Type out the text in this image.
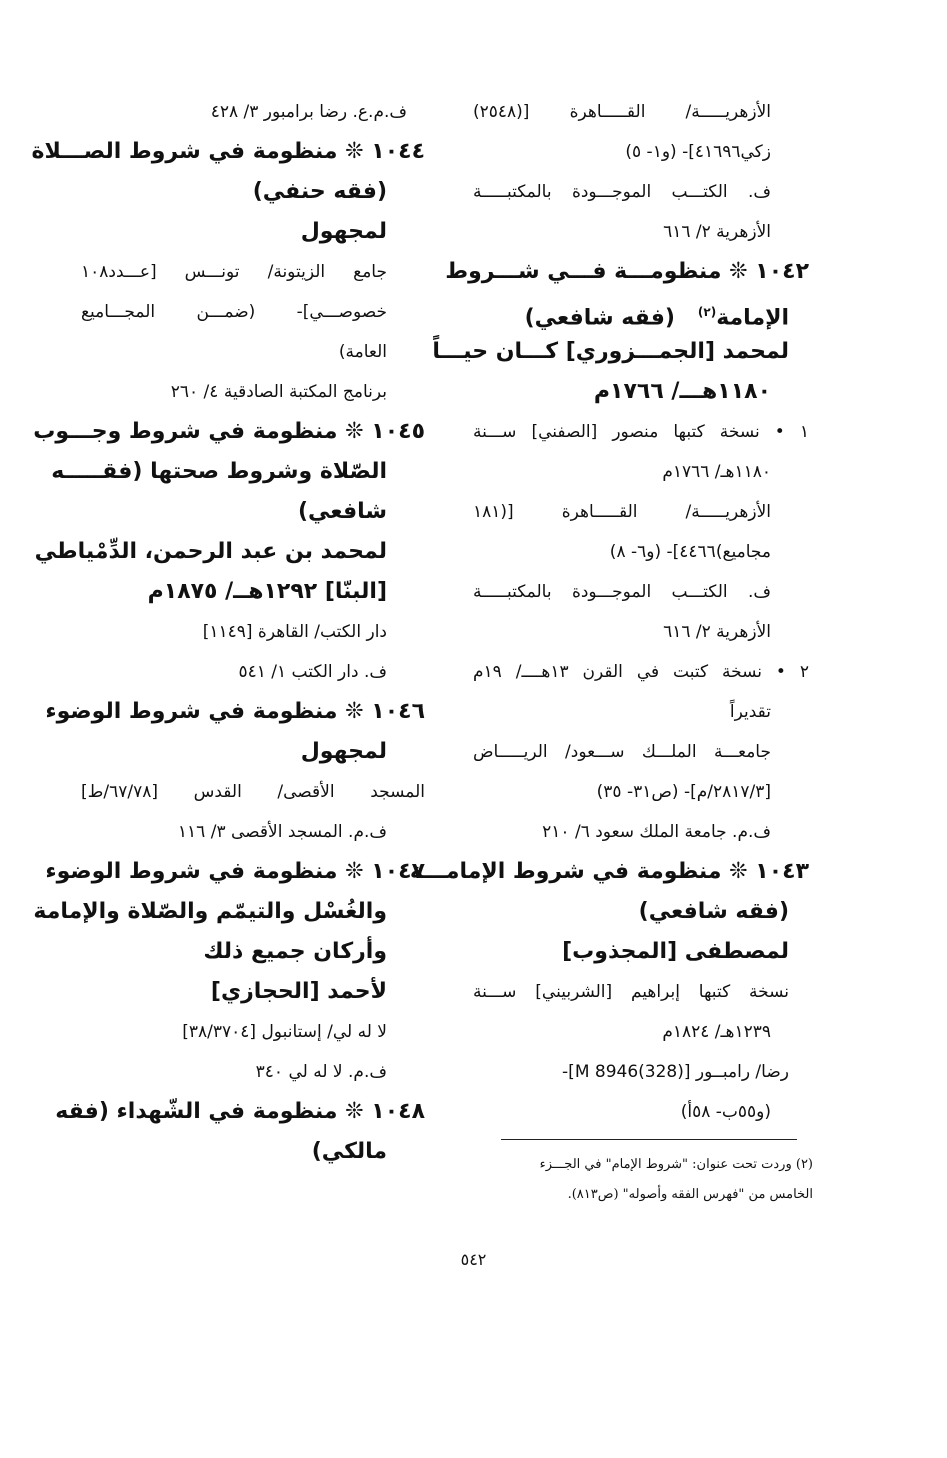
الأزهريـــــة/ القـــــاهرة [(٢٥٤٨)
زكي٤١٦٩٦]- (و١- ٥)
ف. الكتـــب الموجـــودة بالمكتبـــــة
الأزهرية ٢/ ٦١٦
١٠٤٢ ❊ منظومـــة فـــي شـــروط
الإمامة$^{(٢)}$   (فقه شافعي)
لمحمد [الجمـــزوري] كـــان حيـــاً
١١٨٠هـــ/ ١٧٦٦م
١ • نسخة كتبها منصور [الصفني] ســـنة
١١٨٠هـ/ ١٧٦٦م
الأزهريـــــة/ القـــــاهرة [(١٨١
مجاميع)٤٤٦٦]- (و٦- ٨)
ف. الكتـــب الموجـــودة بالمكتبـــــة
الأزهرية ٢/ ٦١٦
٢ • نسخة كتبت في القرن ١٣هــــ/ ١٩م
تقديراً
جامعـــة الملـــك ســـعود/ الريـــــاض
[٢٨١٧/٣/م]- (ص٣١- ٣٥)
ف.م. جامعة الملك سعود ٦/ ٢١٠
١٠٤٣ ❊ منظومة في شروط الإمامـــة
(فقه شافعي)
لمصطفى [المجذوب]
نسخة كتبها إبراهيم [الشربيني] ســـنة
١٢٣٩هـ/ ١٨٢٤م
رضا/ رامبــور [M 8946(328)]-
(و٥٥ب- ٥٨أ)
ف.م.ع. رضا برامبور ٣/ ٤٢٨
١٠٤٤ ❊ منظومة في شروط الصـــلاة
(فقه حنفي)
لمجهول
جامع الزيتونة/ تونـــس [عـــدد١٠٨
خصوصـــي]- (ضمـــن المجـــاميع
العامة)
برنامج المكتبة الصادقية ٤/ ٢٦٠
١٠٤٥ ❊ منظومة في شروط وجـــوب
الصّلاة وشروط صحتها (فقـــــه
شافعي)
لمحمد بن عبد الرحمن، الدِّمْياطي
[البنّا] ١٢٩٢هــ/ ١٨٧٥م
دار الكتب/ القاهرة [١١٤٩]
ف. دار الكتب ١/ ٥٤١
١٠٤٦ ❊ منظومة في شروط الوضوء
لمجهول
المسجد الأقصى/ القدس [٦٧/٧٨/ط]
ف.م. المسجد الأقصى ٣/ ١١٦
١٠٤٧ ❊ منظومة في شروط الوضوء
والغُسْل والتيمّم والصّلاة والإمامة
وأركان جميع ذلك
لأحمد [الحجازي]
لا له لي/ إستانبول [٣٨/٣٧٠٤]
ف.م. لا له لي ٣٤٠
١٠٤٨ ❊ منظومة في الشّهداء (فقه
مالكي)
(٢) وردت تحت عنوان: "شروط الإمام" في الجـــزء
الخامس من "فهرس الفقه وأصوله" (ص٨١٣).
٥٤٢
